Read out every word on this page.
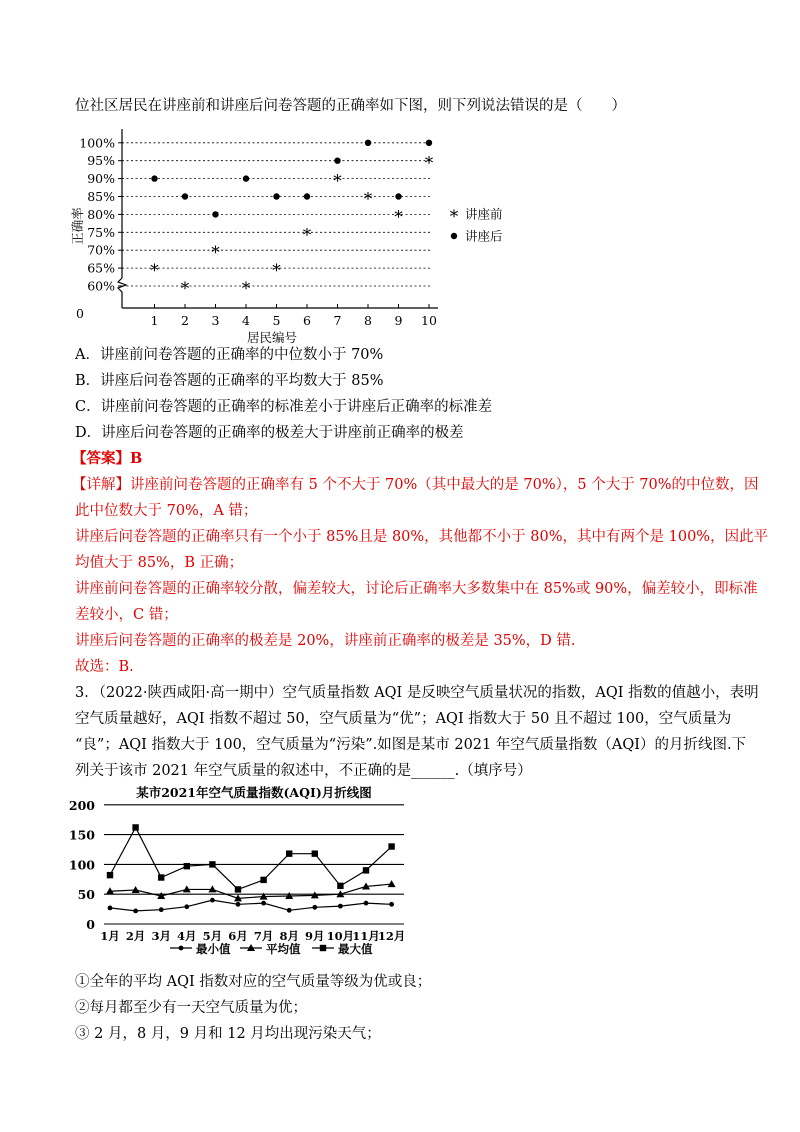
位社区居民在讲座前和讲座后问卷答题的正确率如下图，则下列说法错误的是（　　）
60%
65%
70%
75%
80%
85%
90%
95%
100%
0	1 2 3 4 5 6 7 8 9 10
居民编号
正确率
*
*
*
*
*
*
*
*
*
*
* 讲座前
讲座后
A．讲座前问卷答题的正确率的中位数小于 70%
B．讲座后问卷答题的正确率的平均数大于 85%
C．讲座前问卷答题的正确率的标准差小于讲座后正确率的标准差
D．讲座后问卷答题的正确率的极差大于讲座前正确率的极差
【答案】B
【详解】讲座前问卷答题的正确率有 5 个不大于 70%（其中最大的是 70%），5 个大于 70%的中位数，因
此中位数大于 70%，A 错；
讲座后问卷答题的正确率只有一个小于 85%且是 80%，其他都不小于 80%，其中有两个是 100%，因此平
均值大于 85%，B 正确；
讲座前问卷答题的正确率较分散，偏差较大，讨论后正确率大多数集中在 85%或 90%，偏差较小，即标准
差较小，C 错；
讲座后问卷答题的正确率的极差是 20%，讲座前正确率的极差是 35%，D 错.
故选：B.
3．（2022·陕西咸阳·高一期中）空气质量指数 AQI 是反映空气质量状况的指数，AQI 指数的值越小，表明
空气质量越好，AQI 指数不超过 50，空气质量为“优”；AQI 指数大于 50 且不超过 100，空气质量为
“良”；AQI 指数大于 100，空气质量为“污染”.如图是某市 2021 年空气质量指数（AQI）的月折线图.下
列关于该市 2021 年空气质量的叙述中，不正确的是______.（填序号）
某市2021年空气质量指数(AQI)月折线图
0
50
100
150
200
1月 2月 3月 4月 5月 6月 7月 8月 9月 10月
11月
12月
最小值	平均值	最大值
①全年的平均 AQI 指数对应的空气质量等级为优或良；
②每月都至少有一天空气质量为优；
③ 2 月，8 月，9 月和 12 月均出现污染天气；
